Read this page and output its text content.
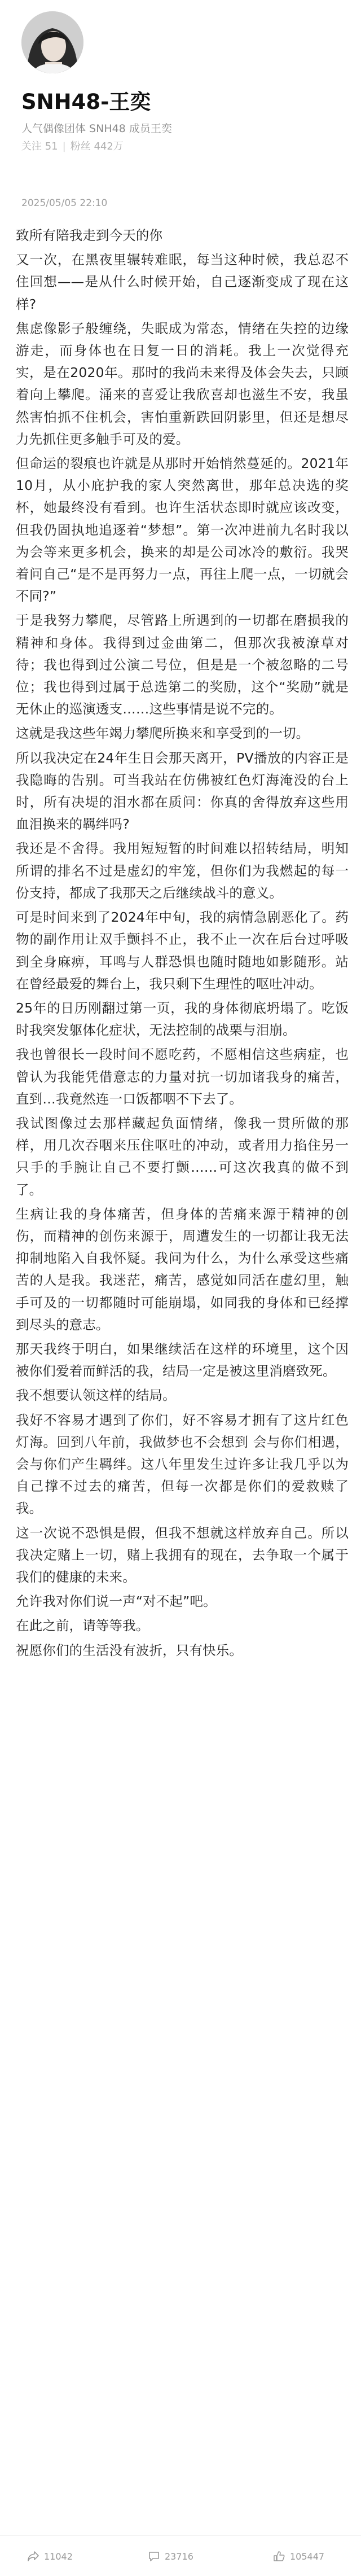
SNH48-王奕
人气偶像团体 SNH48 成员王奕
关注 51 | 粉丝 442万
2025/05/05 22:10

致所有陪我走到今天的你

又一次，在黑夜里辗转难眠，每当这种时候，我总忍不住回想——是从什么时候开始，自己逐渐变成了现在这样?

焦虑像影子般缠绕，失眠成为常态，情绪在失控的边缘游走，而身体也在日复一日的消耗。我上一次觉得充实，是在2020年。那时的我尚未来得及体会失去，只顾着向上攀爬。涌来的喜爱让我欣喜却也滋生不安，我虽然害怕抓不住机会，害怕重新跌回阴影里，但还是想尽力先抓住更多触手可及的爱。

但命运的裂痕也许就是从那时开始悄然蔓延的。2021年10月，从小庇护我的家人突然离世，那年总决选的奖杯，她最终没有看到。也许生活状态即时就应该改变，但我仍固执地追逐着“梦想”。第一次冲进前九名时我以为会等来更多机会，换来的却是公司冰冷的敷衍。我哭着问自己“是不是再努力一点，再往上爬一点，一切就会不同?”

于是我努力攀爬，尽管路上所遇到的一切都在磨损我的精神和身体。我得到过金曲第二，但那次我被潦草对待；我也得到过公演二号位，但是是一个被忽略的二号位；我也得到过属于总选第二的奖励，这个“奖励”就是无休止的巡演透支……这些事情是说不完的。

这就是我这些年竭力攀爬所换来和享受到的一切。

所以我决定在24年生日会那天离开，PV播放的内容正是我隐晦的告别。可当我站在仿佛被红色灯海淹没的台上时，所有决堤的泪水都在质问：你真的舍得放弃这些用血泪换来的羁绊吗?

我还是不舍得。我用短短暂的时间难以招转结局，明知所谓的排名不过是虚幻的牢笼，但你们为我燃起的每一份支持，都成了我那天之后继续战斗的意义。

可是时间来到了2024年中旬，我的病情急剧恶化了。药物的副作用让双手颤抖不止，我不止一次在后台过呼吸到全身麻痹，耳鸣与人群恐惧也随时随地如影随形。站在曾经最爱的舞台上，我只剩下生理性的呕吐冲动。

25年的日历刚翻过第一页，我的身体彻底坍塌了。吃饭时我突发躯体化症状，无法控制的战栗与泪崩。

我也曾很长一段时间不愿吃药，不愿相信这些病症，也曾认为我能凭借意志的力量对抗一切加诸我身的痛苦，直到…我竟然连一口饭都咽不下去了。

我试图像过去那样藏起负面情绪，像我一贯所做的那样，用几次吞咽来压住呕吐的冲动，或者用力掐住另一只手的手腕让自己不要打颤……可这次我真的做不到了。

生病让我的身体痛苦，但身体的苦痛来源于精神的创伤，而精神的创伤来源于，周遭发生的一切都让我无法抑制地陷入自我怀疑。我问为什么，为什么承受这些痛苦的人是我。我迷茫，痛苦，感觉如同活在虚幻里，触手可及的一切都随时可能崩塌，如同我的身体和已经撑到尽头的意志。

那天我终于明白，如果继续活在这样的环境里，这个因被你们爱着而鲜活的我，结局一定是被这里消磨致死。

我不想要认领这样的结局。

我好不容易才遇到了你们，好不容易才拥有了这片红色灯海。回到八年前，我做梦也不会想到 会与你们相遇，会与你们产生羁绊。这八年里发生过许多让我几乎以为自己撑不过去的痛苦，但每一次都是你们的爱救赎了我。

这一次说不恐惧是假，但我不想就这样放弃自己。所以我决定赌上一切，赌上我拥有的现在，去争取一个属于我们的健康的未来。

允许我对你们说一声“对不起”吧。

在此之前，请等等我。

祝愿你们的生活没有波折，只有快乐。

11042	23716	105447
